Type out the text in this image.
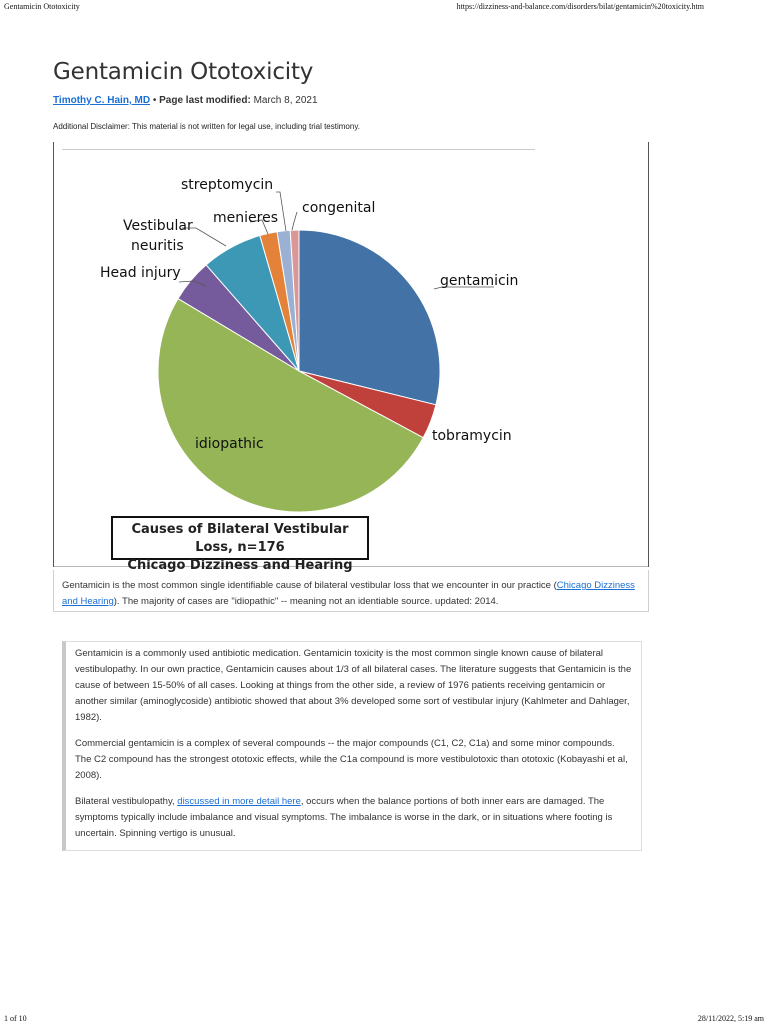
Gentamicin Ototoxicity	https://dizziness-and-balance.com/disorders/bilat/gentamicin%20toxicity.htm
Gentamicin Ototoxicity
Timothy C. Hain, MD • Page last modified: March 8, 2021
Additional Disclaimer: This material is not written for legal use, including trial testimony.
gentamicin
tobramycin
idiopathic
Head injury
Vestibular
neuritis
menieres
streptomycin
congenital
Causes of Bilateral Vestibular Loss, n=176
Chicago Dizziness and Hearing
Gentamicin is the most common single identifiable cause of bilateral vestibular loss that we encounter in our practice (Chicago Dizziness and Hearing). The majority of cases are "idiopathic" -- meaning not an identiable source. updated: 2014.

Gentamicin is a commonly used antibiotic medication. Gentamicin toxicity is the most common single known cause of bilateral vestibulopathy. In our own practice, Gentamicin causes about 1/3 of all bilateral cases. The literature suggests that Gentamicin is the cause of between 15-50% of all cases. Looking at things from the other side, a review of 1976 patients receiving gentamicin or another similar (aminoglycoside) antibiotic showed that about 3% developed some sort of vestibular injury (Kahlmeter and Dahlager, 1982).

Commercial gentamicin is a complex of several compounds -- the major compounds (C1, C2, C1a) and some minor compounds. The C2 compound has the strongest ototoxic effects, while the C1a compound is more vestibulotoxic than ototoxic (Kobayashi et al, 2008).

Bilateral vestibulopathy, discussed in more detail here, occurs when the balance portions of both inner ears are damaged. The symptoms typically include imbalance and visual symptoms. The imbalance is worse in the dark, or in situations where footing is uncertain. Spinning vertigo is unusual.

1 of 10	28/11/2022, 5:19 am
